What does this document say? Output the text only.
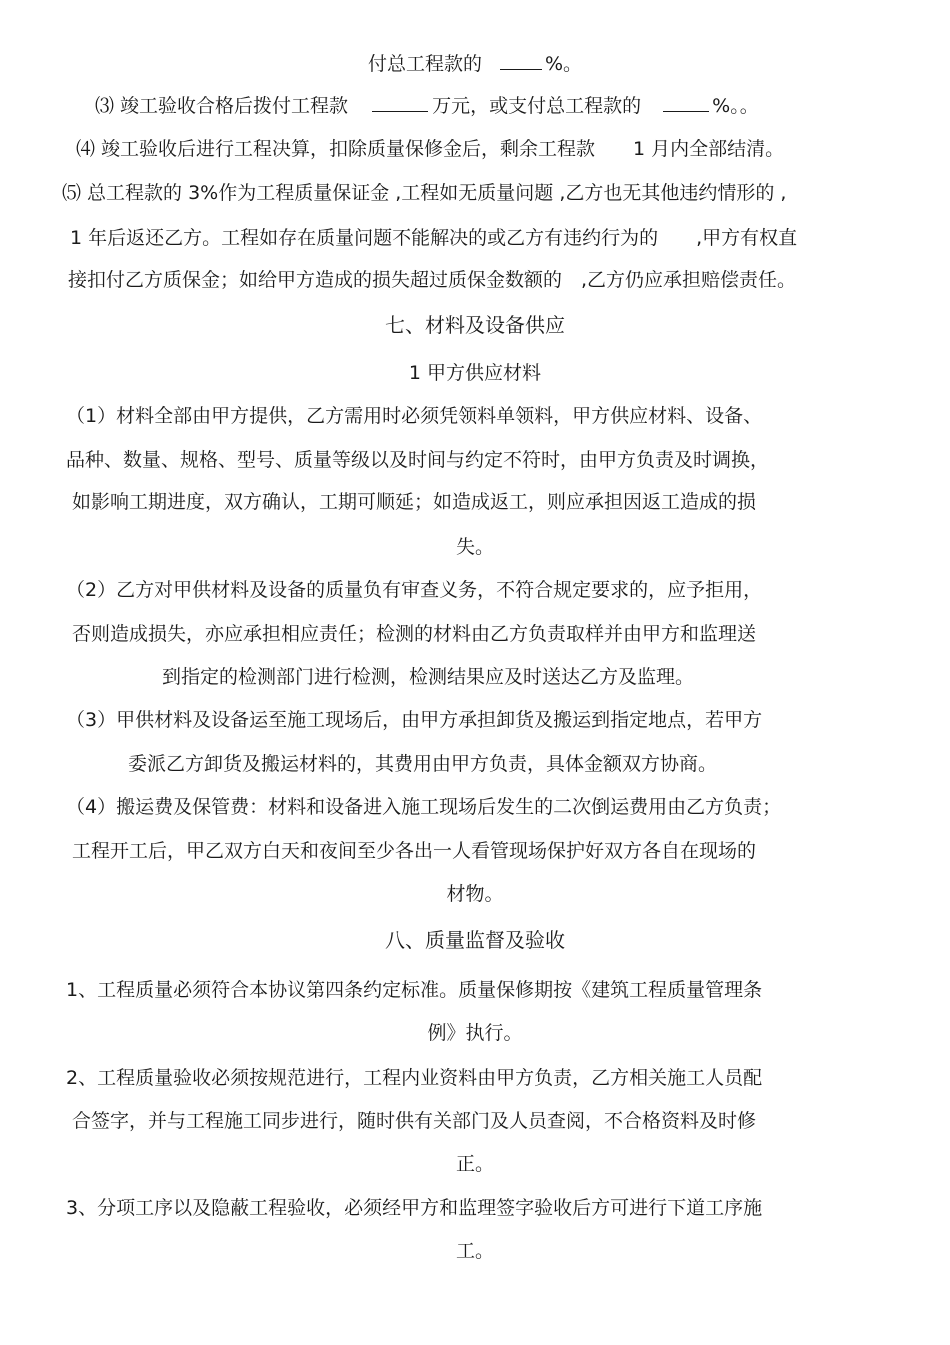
付总工程款的	%。
⑶ 竣工验收合格后拨付工程款	万元，或支付总工程款的	%。。
⑷ 竣工验收后进行工程决算，扣除质量保修金后，剩余工程款　　1 月内全部结清。
⑸ 总工程款的 3%作为工程质量保证金 ,工程如无质量问题 ,乙方也无其他违约情形的 ,
1 年后返还乙方。工程如存在质量问题不能解决的或乙方有违约行为的　　,甲方有权直
接扣付乙方质保金；如给甲方造成的损失超过质保金数额的　,乙方仍应承担赔偿责任。
七、材料及设备供应
1 甲方供应材料
（1）材料全部由甲方提供，乙方需用时必须凭领料单领料，甲方供应材料、设备、
品种、数量、规格、型号、质量等级以及时间与约定不符时，由甲方负责及时调换，
如影响工期进度，双方确认，工期可顺延；如造成返工，则应承担因返工造成的损
失。
（2）乙方对甲供材料及设备的质量负有审查义务，不符合规定要求的，应予拒用，
否则造成损失，亦应承担相应责任；检测的材料由乙方负责取样并由甲方和监理送
到指定的检测部门进行检测，检测结果应及时送达乙方及监理。
（3）甲供材料及设备运至施工现场后，由甲方承担卸货及搬运到指定地点，若甲方
委派乙方卸货及搬运材料的，其费用由甲方负责，具体金额双方协商。
（4）搬运费及保管费：材料和设备进入施工现场后发生的二次倒运费用由乙方负责；
工程开工后，甲乙双方白天和夜间至少各出一人看管现场保护好双方各自在现场的
材物。
八、质量监督及验收
1、工程质量必须符合本协议第四条约定标准。质量保修期按《建筑工程质量管理条
例》执行。
2、工程质量验收必须按规范进行，工程内业资料由甲方负责，乙方相关施工人员配
合签字，并与工程施工同步进行，随时供有关部门及人员查阅，不合格资料及时修
正。
3、分项工序以及隐蔽工程验收，必须经甲方和监理签字验收后方可进行下道工序施
工。
